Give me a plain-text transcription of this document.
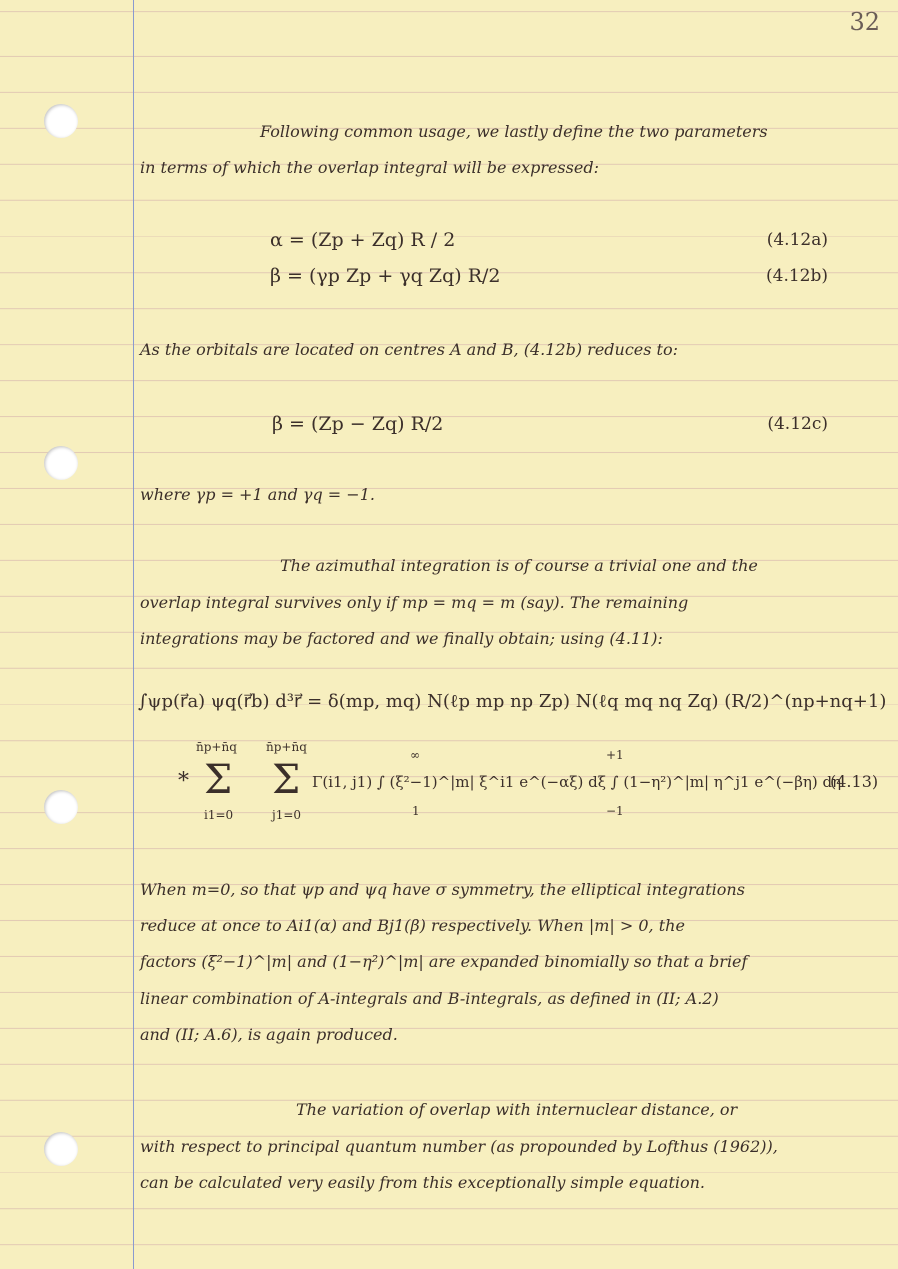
32
Following common usage, we lastly define the two parameters
in terms of which the overlap integral will be expressed:
α = (Zp + Zq) R / 2	(4.12a)
β = (γp Zp + γq Zq) R/2	(4.12b)
As the orbitals are located on centres A and B, (4.12b) reduces to:
β = (Zp − Zq) R/2	(4.12c)
where γp = +1 and γq = −1.
The azimuthal integration is of course a trivial one and the
overlap integral survives only if mp = mq = m (say). The remaining
integrations may be factored and we finally obtain; using (4.11):
∫ψp(r⃗a) ψq(r⃗b) d³r⃗ = δ(mp, mq) N(ℓp mp np Zp) N(ℓq mq nq Zq) (R/2)^(np+nq+1)
n̄p+n̄q
Σ
i1=0
n̄p+n̄q
Σ
j1=0
*
∞
1
+1
−1
Γ(i1, j1) ∫ (ξ²−1)^|m| ξ^i1 e^(−αξ) dξ ∫ (1−η²)^|m| η^j1 e^(−βη) dη
(4.13)
When m=0, so that ψp and ψq have σ symmetry, the elliptical integrations
reduce at once to Ai1(α) and Bj1(β) respectively. When |m| > 0, the
factors (ξ²−1)^|m| and (1−η²)^|m| are expanded binomially so that a brief
linear combination of A-integrals and B-integrals, as defined in (II; A.2)
and (II; A.6), is again produced.
The variation of overlap with internuclear distance, or
with respect to principal quantum number (as propounded by Lofthus (1962)),
can be calculated very easily from this exceptionally simple equation.
